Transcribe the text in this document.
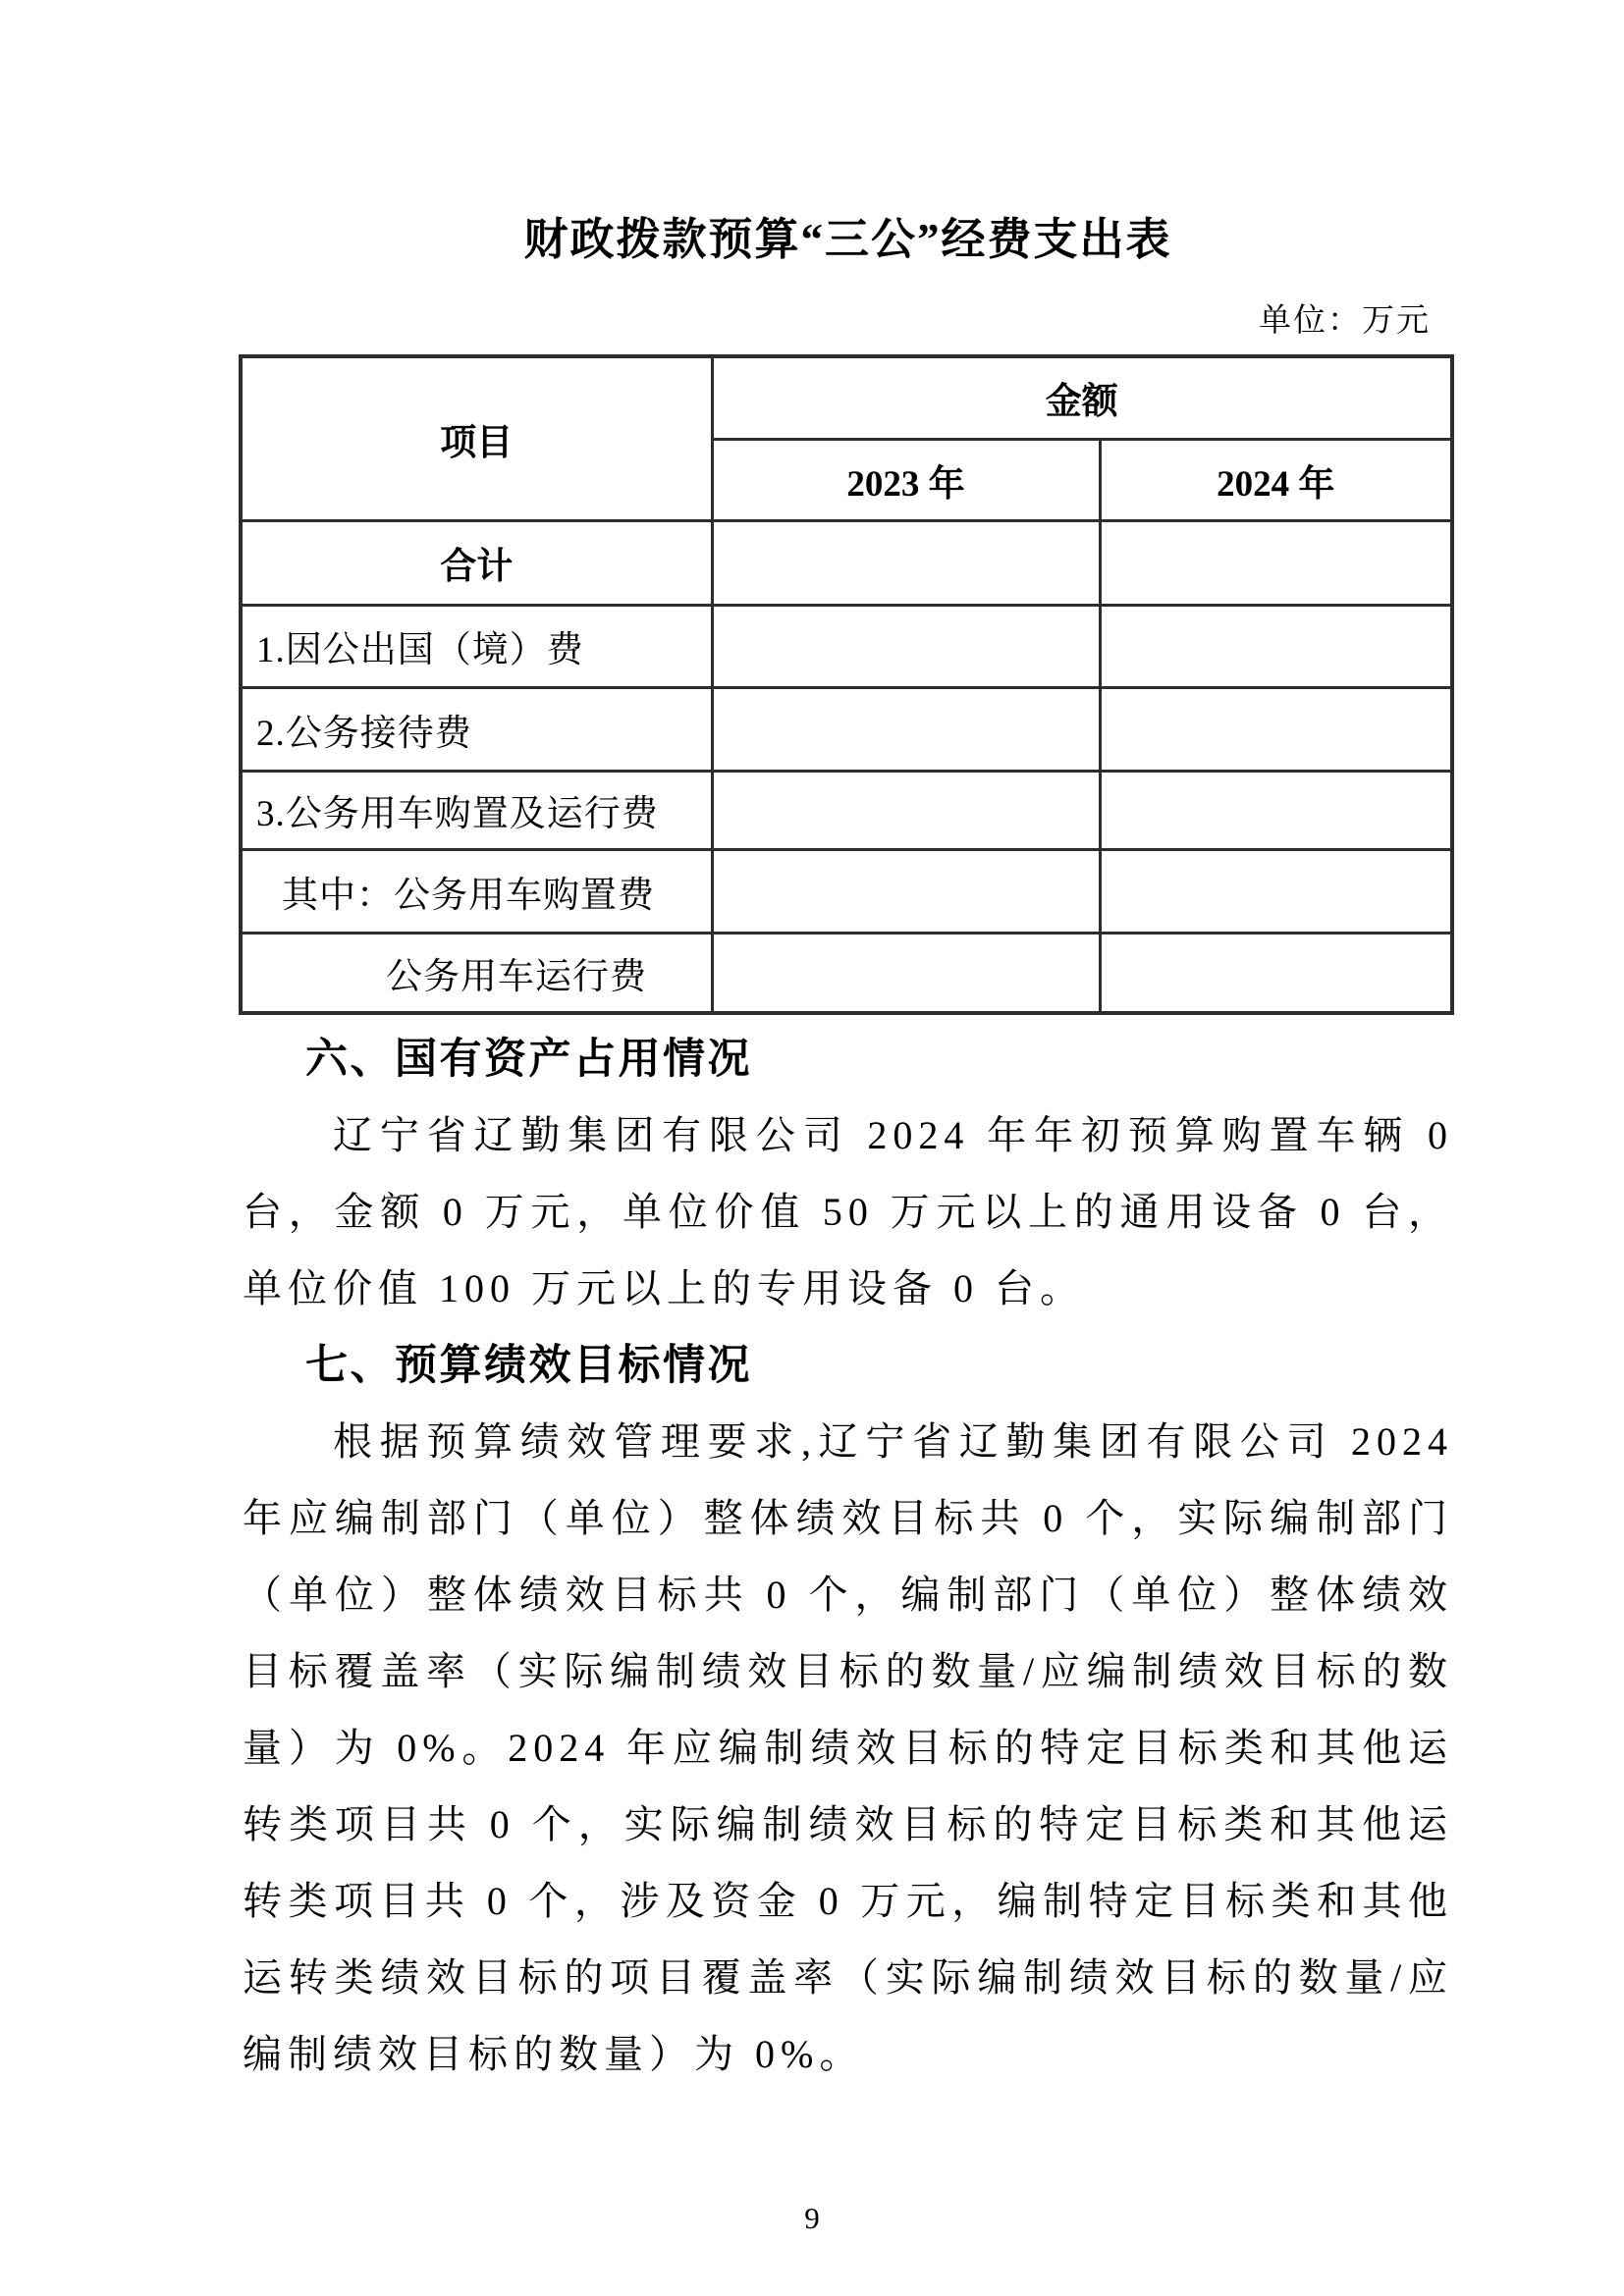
财政拨款预算“三公”经费支出表
单位：万元
项目	金额	
	2023 年	2024 年
合计		
1.因公出国（境）费		
2.公务接待费		
3.公务用车购置及运行费		
其中：公务用车购置费		
公务用车运行费		
六、国有资产占用情况

辽宁省辽勤集团有限公司 2024 年年初预算购置车辆 0 台，金额 0 万元，单位价值 50 万元以上的通用设备 0 台，单位价值 100 万元以上的专用设备 0 台。

七、预算绩效目标情况

根据预算绩效管理要求,辽宁省辽勤集团有限公司 2024 年应编制部门（单位）整体绩效目标共 0 个，实际编制部门（单位）整体绩效目标共 0 个，编制部门（单位）整体绩效目标覆盖率（实际编制绩效目标的数量/应编制绩效目标的数量）为 0%。2024 年应编制绩效目标的特定目标类和其他运转类项目共 0 个，实际编制绩效目标的特定目标类和其他运转类项目共 0 个，涉及资金 0 万元，编制特定目标类和其他运转类绩效目标的项目覆盖率（实际编制绩效目标的数量/应编制绩效目标的数量）为 0%。

9
